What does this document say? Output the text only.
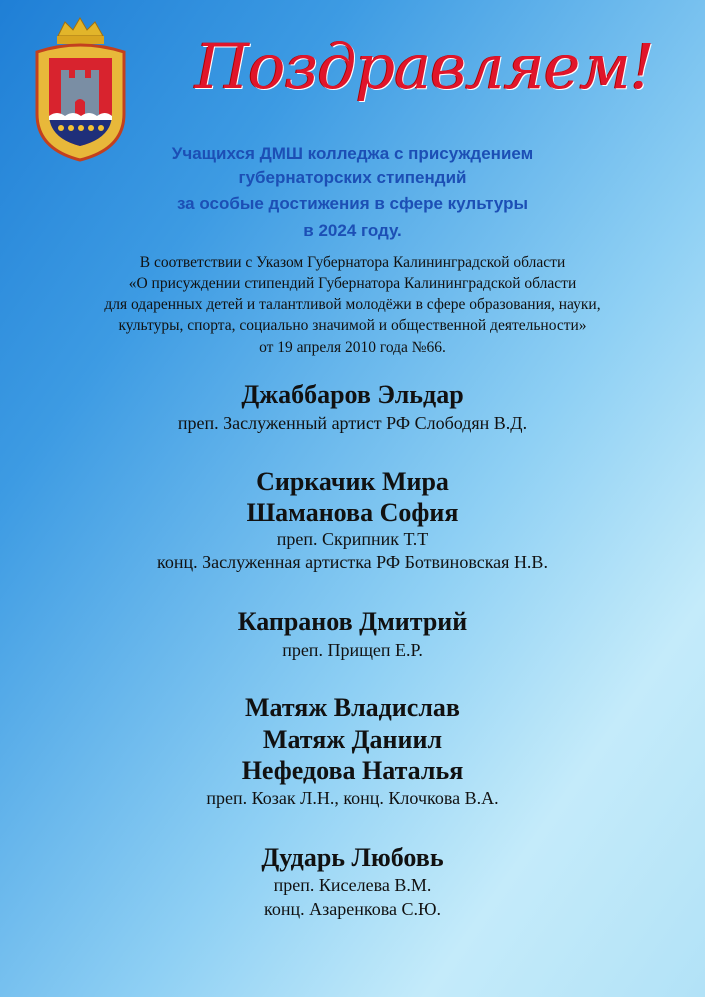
Поздравляем!
Учащихся ДМШ колледжа с присуждением
губернаторских стипендий
за особые достижения в сфере культуры
в 2024 году.
В соответствии с Указом Губернатора Калининградской области
«О присуждении стипендий Губернатора Калининградской области
для одаренных детей и талантливой молодёжи в сфере образования, науки,
культуры, спорта, социально значимой и общественной деятельности»
от 19 апреля 2010 года №66.
Джаббаров Эльдар
преп. Заслуженный артист РФ Слободян В.Д.
Сиркачик Мира
Шаманова София
преп. Скрипник Т.Т
конц. Заслуженная артистка РФ Ботвиновская Н.В.
Капранов Дмитрий
преп. Прищеп Е.Р.
Матяж Владислав
Матяж Даниил
Нефедова Наталья
преп. Козак Л.Н., конц. Клочкова В.А.
Дударь Любовь
преп. Киселева В.М.
конц. Азаренкова С.Ю.
